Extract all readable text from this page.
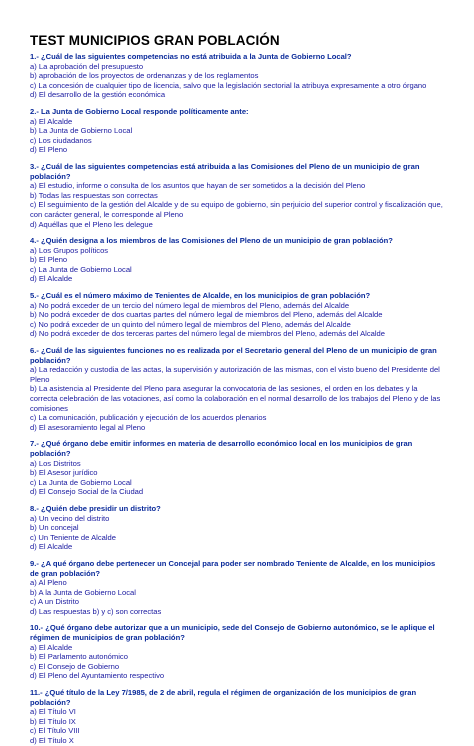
TEST MUNICIPIOS GRAN POBLACIÓN
1.- ¿Cuál de las siguientes competencias no está atribuida a la Junta de Gobierno Local?
a) La aprobación del presupuesto
b) aprobación de los proyectos de ordenanzas y de los reglamentos
c) La concesión de cualquier tipo de licencia, salvo que la legislación sectorial la atribuya expresamente a otro órgano
d) El desarrollo de la gestión económica
2.- La Junta de Gobierno Local responde políticamente ante:
a) El Alcalde
b) La Junta de Gobierno Local
c) Los ciudadanos
d) El Pleno
3.- ¿Cuál de las siguientes competencias está atribuida a las Comisiones del Pleno de un municipio de gran población?
a) El estudio, informe o consulta de los asuntos que hayan de ser sometidos a la decisión del Pleno
b) Todas las respuestas son correctas
c) El seguimiento de la gestión del Alcalde y de su equipo de gobierno, sin perjuicio del superior control y fiscalización que, con carácter general, le corresponde al Pleno
d) Aquéllas que el Pleno les delegue
4.- ¿Quién designa a los miembros de las Comisiones del Pleno de un municipio de gran población?
a) Los Grupos políticos
b) El Pleno
c) La Junta de Gobierno Local
d) El Alcalde
5.- ¿Cuál es el número máximo de Tenientes de Alcalde, en los municipios de gran población?
a) No podrá exceder de un tercio del número legal de miembros del Pleno, además del Alcalde
b) No podrá exceder de dos cuartas partes del número legal de miembros del Pleno, además del Alcalde
c) No podrá exceder de un quinto del número legal de miembros del Pleno, además del Alcalde
d) No podrá exceder de dos terceras partes del número legal de miembros del Pleno, además del Alcalde
6.- ¿Cuál de las siguientes funciones no es realizada por el Secretario general del Pleno de un municipio de gran población?
a) La redacción y custodia de las actas, la supervisión y autorización de las mismas, con el visto bueno del Presidente del Pleno
b) La asistencia al Presidente del Pleno para asegurar la convocatoria de las sesiones, el orden en los debates y la correcta celebración de las votaciones, así como la colaboración en el normal desarrollo de los trabajos del Pleno y de las comisiones
c) La comunicación, publicación y ejecución de los acuerdos plenarios
d) El asesoramiento legal al Pleno
7.- ¿Qué órgano debe emitir informes en materia de desarrollo económico local en los municipios de gran población?
a) Los Distritos
b) El Asesor jurídico
c) La Junta de Gobierno Local
d) El Consejo Social de la Ciudad
8.- ¿Quién debe presidir un distrito?
a) Un vecino del distrito
b) Un concejal
c) Un Teniente de Alcalde
d) El Alcalde
9.- ¿A qué órgano debe pertenecer un Concejal para poder ser nombrado Teniente de Alcalde, en los municipios de gran población?
a) Al Pleno
b) A la Junta de Gobierno Local
c) A un Distrito
d) Las respuestas b) y c) son correctas
10.- ¿Qué órgano debe autorizar que a un municipio, sede del Consejo de Gobierno autonómico, se le aplique el régimen de municipios de gran población?
a) El Alcalde
b) El Parlamento autonómico
c) El Consejo de Gobierno
d) El Pleno del Ayuntamiento respectivo
11.- ¿Qué título de la Ley 7/1985, de 2 de abril, regula el régimen de organización de los municipios de gran población?
a) El Título VI
b) El Título IX
c) El Título VIII
d) El Título X
